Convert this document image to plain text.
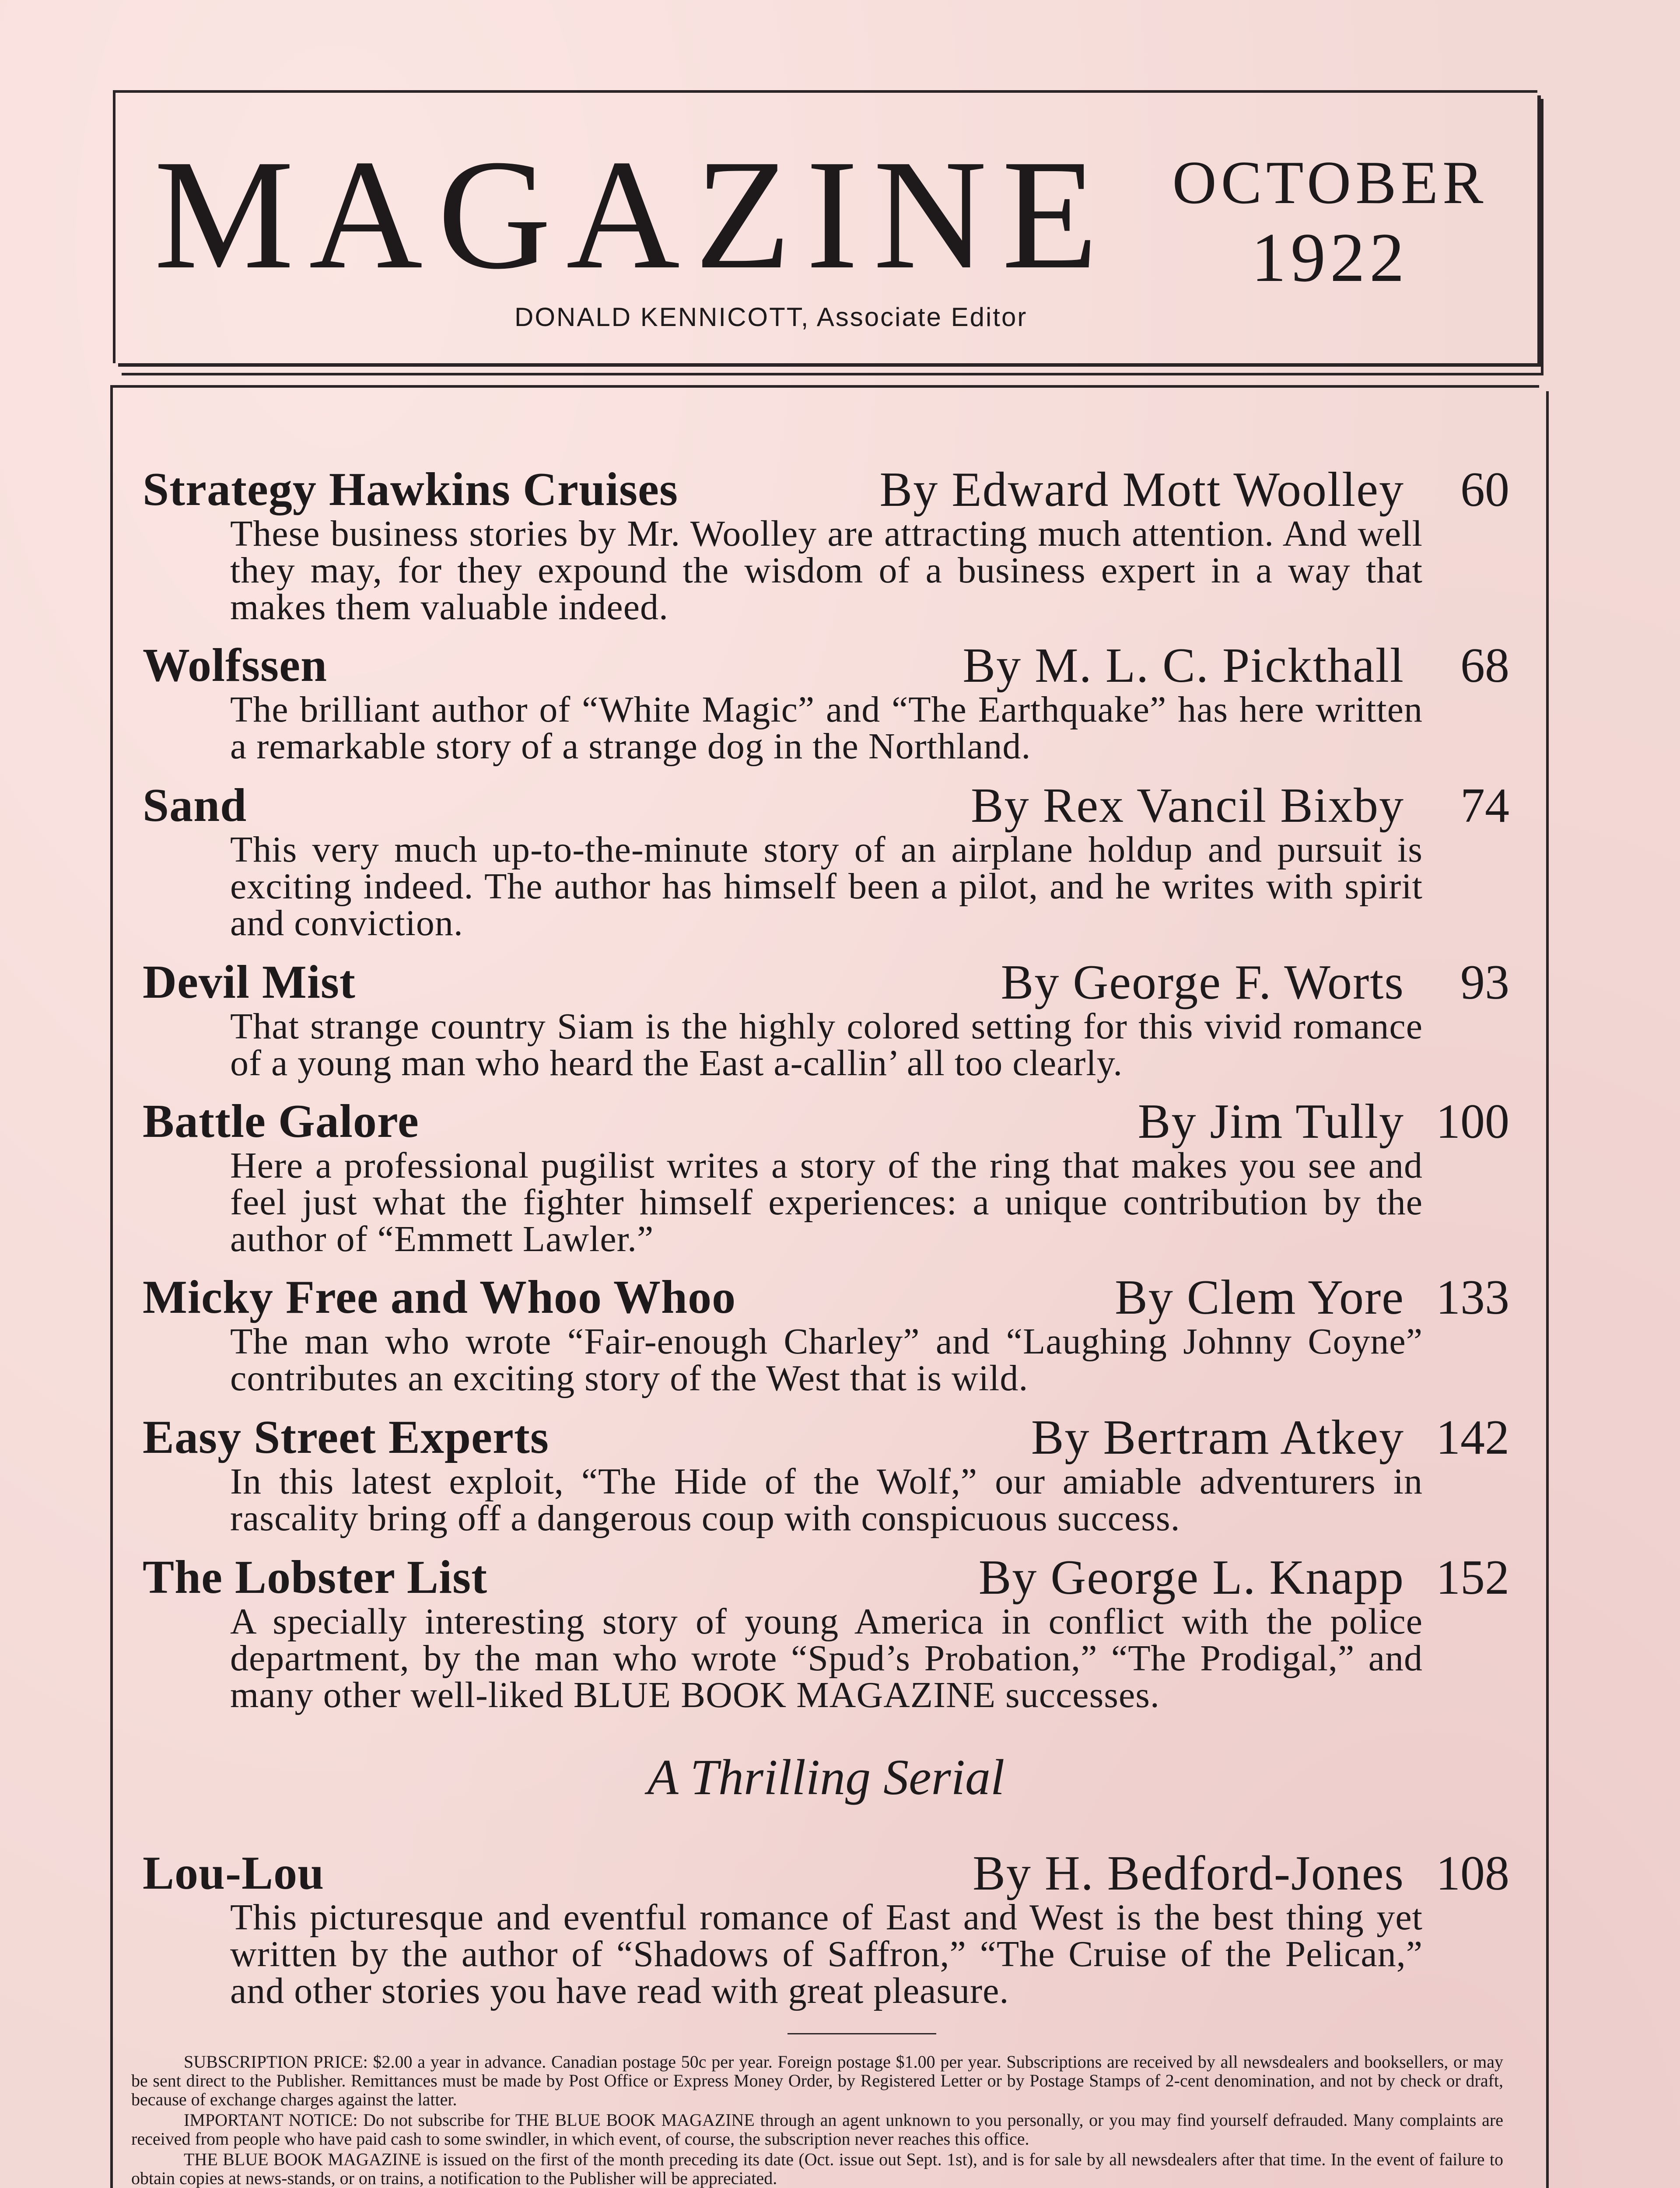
MAGAZINE OCTOBER
1922
DONALD KENNICOTT, Associate Editor
Strategy Hawkins Cruises	By Edward Mott Woolley	60
These business stories by Mr. Woolley are attracting much attention. And well they may, for they expound the wisdom of a business expert in a way that makes them valuable indeed.
Wolfssen	By M. L. C. Pickthall	68
The brilliant author of “White Magic” and “The Earthquake” has here written a remarkable story of a strange dog in the Northland.
Sand	By Rex Vancil Bixby	74
This very much up-to-the-minute story of an airplane holdup and pursuit is exciting indeed. The author has himself been a pilot, and he writes with spirit and conviction.
Devil Mist	By George F. Worts	93
That strange country Siam is the highly colored setting for this vivid romance of a young man who heard the East a-callin’ all too clearly.
Battle Galore	By Jim Tully 100
Here a professional pugilist writes a story of the ring that makes you see and feel just what the fighter himself experiences: a unique contribution by the author of “Emmett Lawler.”
Micky Free and Whoo Whoo	By Clem Yore 133
The man who wrote “Fair-enough Charley” and “Laughing Johnny Coyne” contributes an exciting story of the West that is wild.
Easy Street Experts	By Bertram Atkey 142
In this latest exploit, “The Hide of the Wolf,” our amiable adventurers in rascality bring off a dangerous coup with conspicuous success.
The Lobster List	By George L. Knapp 152
A specially interesting story of young America in conflict with the police department, by the man who wrote “Spud’s Probation,” “The Prodigal,” and many other well-liked BLUE BOOK MAGAZINE successes.
A Thrilling Serial
Lou-Lou	By H. Bedford-Jones 108
This picturesque and eventful romance of East and West is the best thing yet written by the author of “Shadows of Saffron,” “The Cruise of the Pelican,” and other stories you have read with great pleasure.

SUBSCRIPTION PRICE: $2.00 a year in advance. Canadian postage 50c per year. Foreign postage $1.00 per year. Subscriptions are received by all newsdealers and booksellers, or may be sent direct to the Publisher. Remittances must be made by Post Office or Express Money Order, by Registered Letter or by Postage Stamps of 2-cent denomination, and not by check or draft, because of exchange charges against the latter.

IMPORTANT NOTICE: Do not subscribe for THE BLUE BOOK MAGAZINE through an agent unknown to you personally, or you may find yourself defrauded. Many complaints are received from people who have paid cash to some swindler, in which event, of course, the subscription never reaches this office.

THE BLUE BOOK MAGAZINE is issued on the first of the month preceding its date (Oct. issue out Sept. 1st), and is for sale by all newsdealers after that time. In the event of failure to obtain copies at news-stands, or on trains, a notification to the Publisher will be appreciated.
